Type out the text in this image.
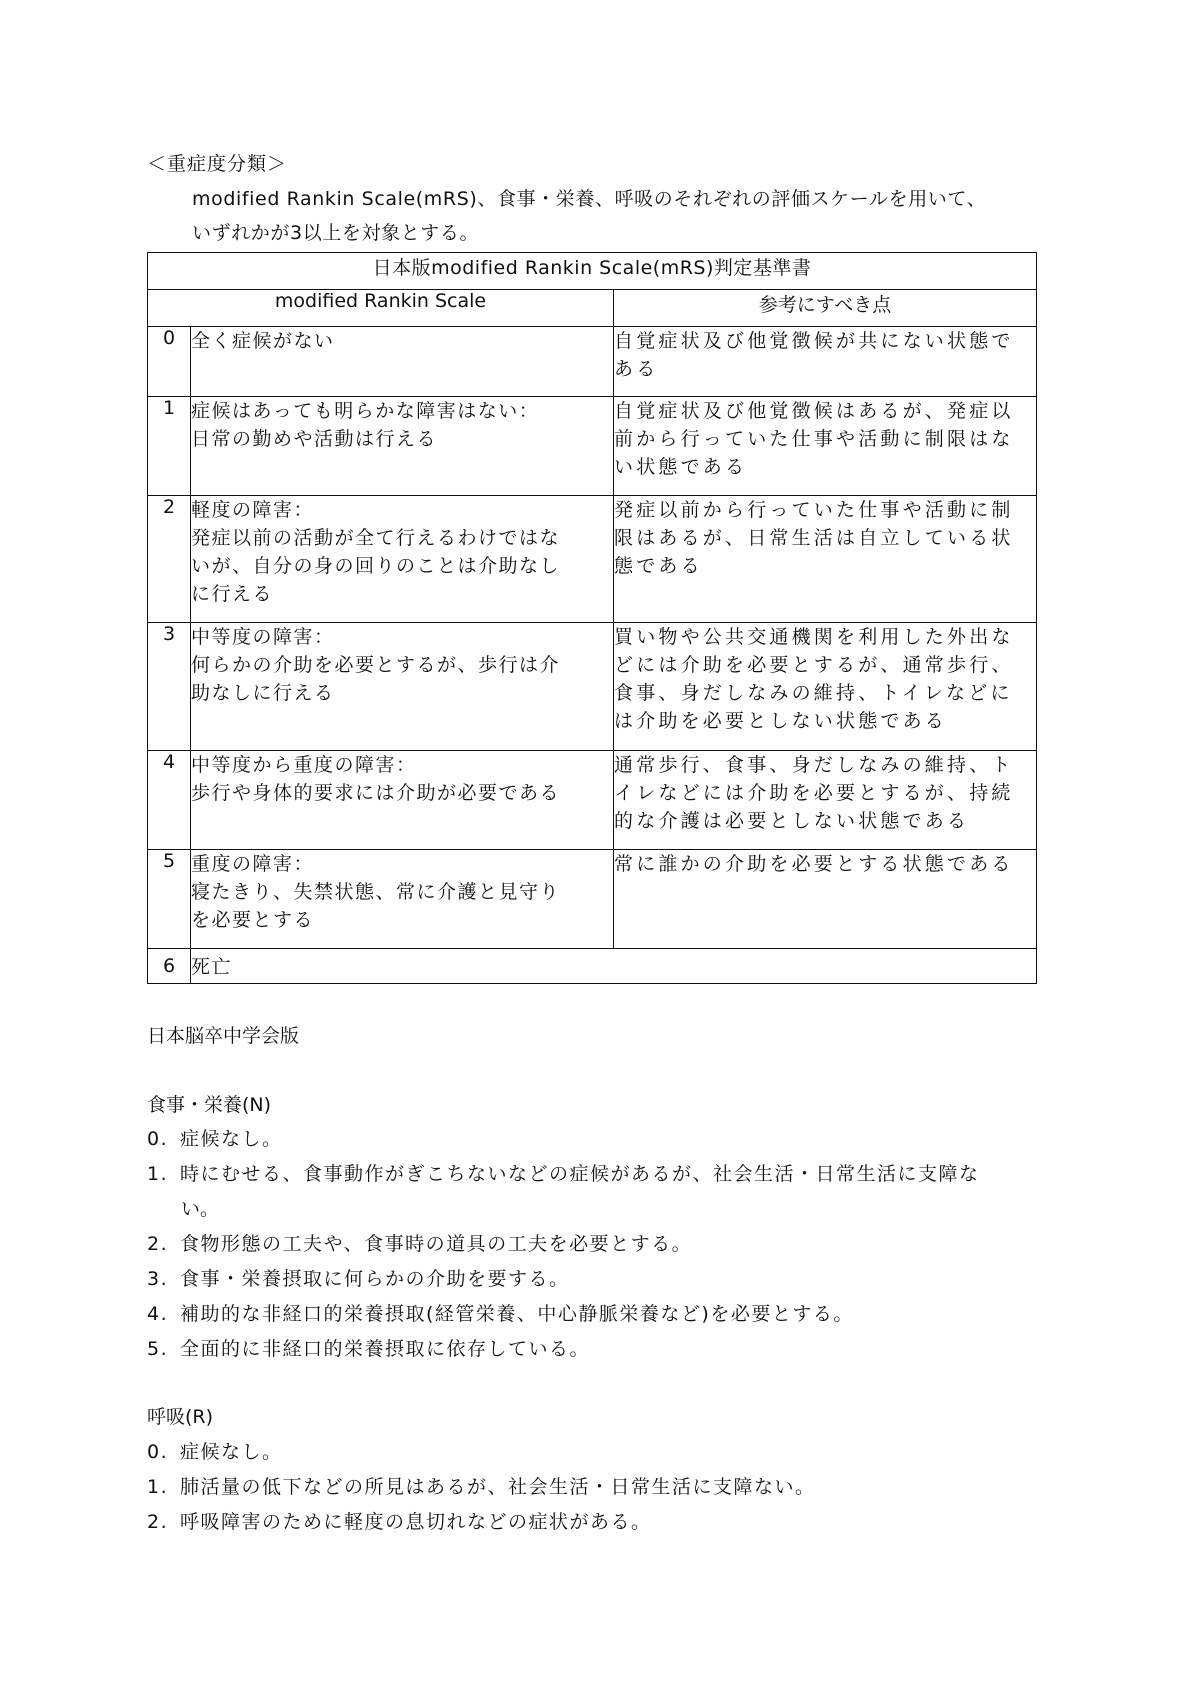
＜重症度分類＞
modified Rankin Scale(mRS)、食事・栄養、呼吸のそれぞれの評価スケールを用いて、
いずれかが3以上を対象とする。
日本版modified Rankin Scale(mRS)判定基準書		
modified Rankin Scale		参考にすべき点
0	全く症候がない	自覚症状及び他覚徴候が共にない状態で
ある

1	症候はあっても明らかな障害はない：
日常の勤めや活動は行える	自覚症状及び他覚徴候はあるが、発症以
前から行っていた仕事や活動に制限はな
い状態である

2	軽度の障害：
発症以前の活動が全て行えるわけではな
いが、自分の身の回りのことは介助なし
に行える	発症以前から行っていた仕事や活動に制
限はあるが、日常生活は自立している状
態である

3	中等度の障害：
何らかの介助を必要とするが、歩行は介
助なしに行える	買い物や公共交通機関を利用した外出な
どには介助を必要とするが、通常歩行、
食事、身だしなみの維持、トイレなどに
は介助を必要としない状態である

4	中等度から重度の障害：
歩行や身体的要求には介助が必要である	通常歩行、食事、身だしなみの維持、ト
イレなどには介助を必要とするが、持続
的な介護は必要としない状態である

5	重度の障害：
寝たきり、失禁状態、常に介護と見守り
を必要とする	常に誰かの介助を必要とする状態である

6	死亡	
日本脳卒中学会版
食事・栄養(N)
0. 症候なし。
1. 時にむせる、食事動作がぎこちないなどの症候があるが、社会生活・日常生活に支障な
い。
2. 食物形態の工夫や、食事時の道具の工夫を必要とする。
3. 食事・栄養摂取に何らかの介助を要する。
4. 補助的な非経口的栄養摂取(経管栄養、中心静脈栄養など)を必要とする。
5. 全面的に非経口的栄養摂取に依存している。
呼吸(R)
0. 症候なし。
1. 肺活量の低下などの所見はあるが、社会生活・日常生活に支障ない。
2. 呼吸障害のために軽度の息切れなどの症状がある。
